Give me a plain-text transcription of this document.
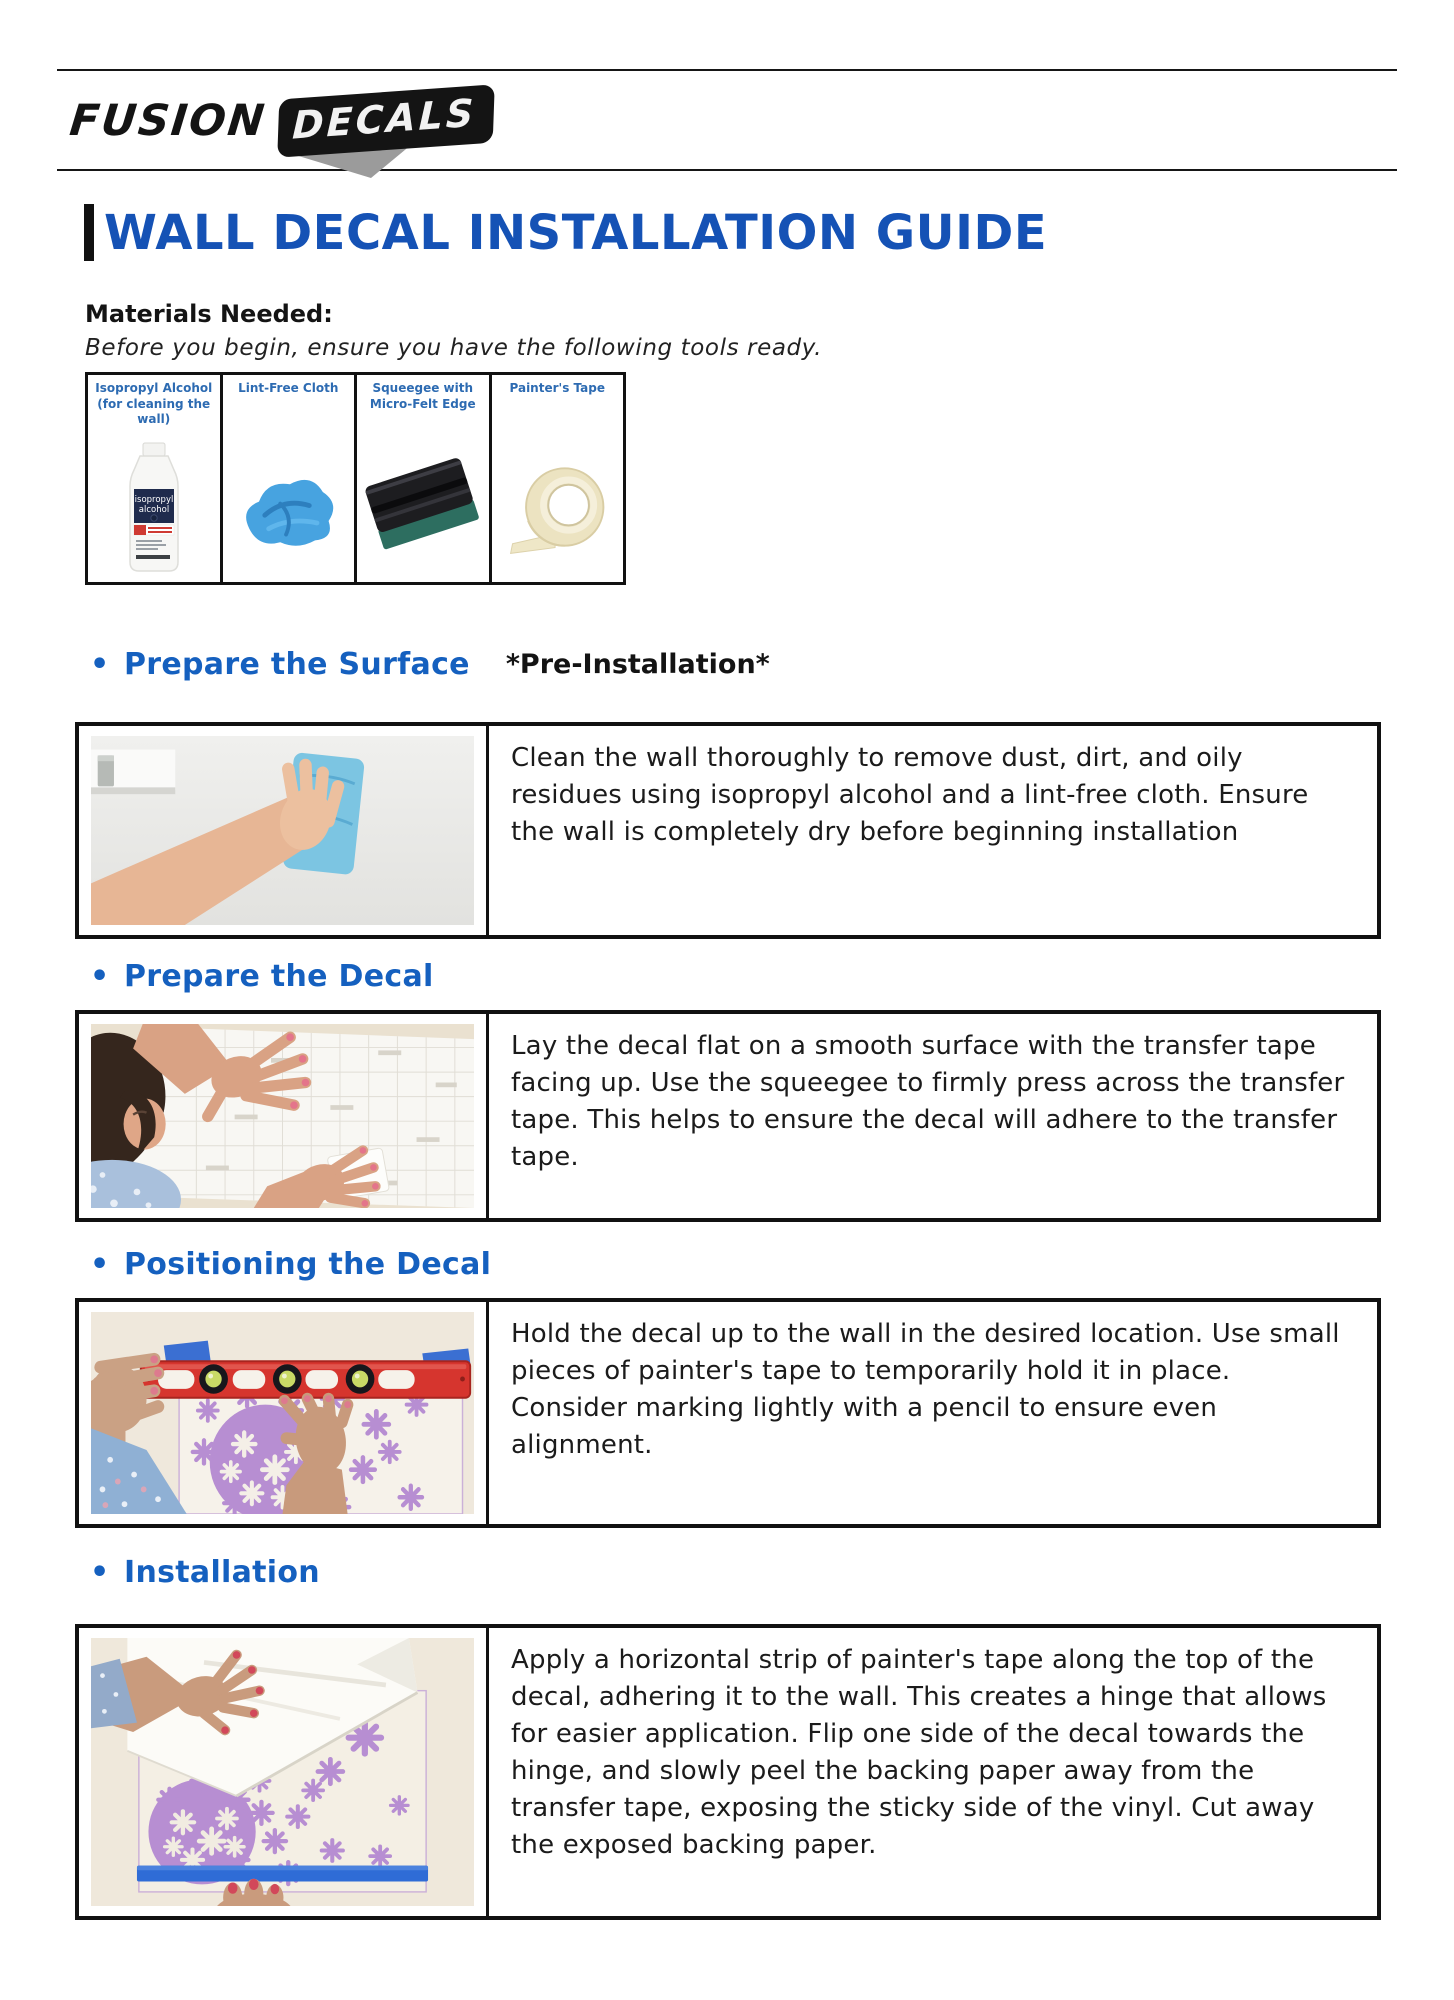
FUSION DECALS
WALL DECAL INSTALLATION GUIDE
Materials Needed:
Before you begin, ensure you have the following tools ready.
Isopropyl Alcohol (for cleaning the wall)
isopropyl
alcohol
Lint-Free Cloth	Squeegee with Micro-Felt Edge
Painter's Tape
• Prepare the Surface *Pre-Installation*
Clean the wall thoroughly to remove dust, dirt, and oily residues using isopropyl alcohol and a lint-free cloth. Ensure the wall is completely dry before beginning installation
• Prepare the Decal
Lay the decal flat on a smooth surface with the transfer tape facing up. Use the squeegee to firmly press across the transfer tape. This helps to ensure the decal will adhere to the transfer tape.
• Positioning the Decal
Hold the decal up to the wall in the desired location. Use small pieces of painter's tape to temporarily hold it in place. Consider marking lightly with a pencil to ensure even alignment.
• Installation
Apply a horizontal strip of painter's tape along the top of the decal, adhering it to the wall. This creates a hinge that allows for easier application. Flip one side of the decal towards the hinge, and slowly peel the backing paper away from the transfer tape, exposing the sticky side of the vinyl. Cut away the exposed backing paper.
